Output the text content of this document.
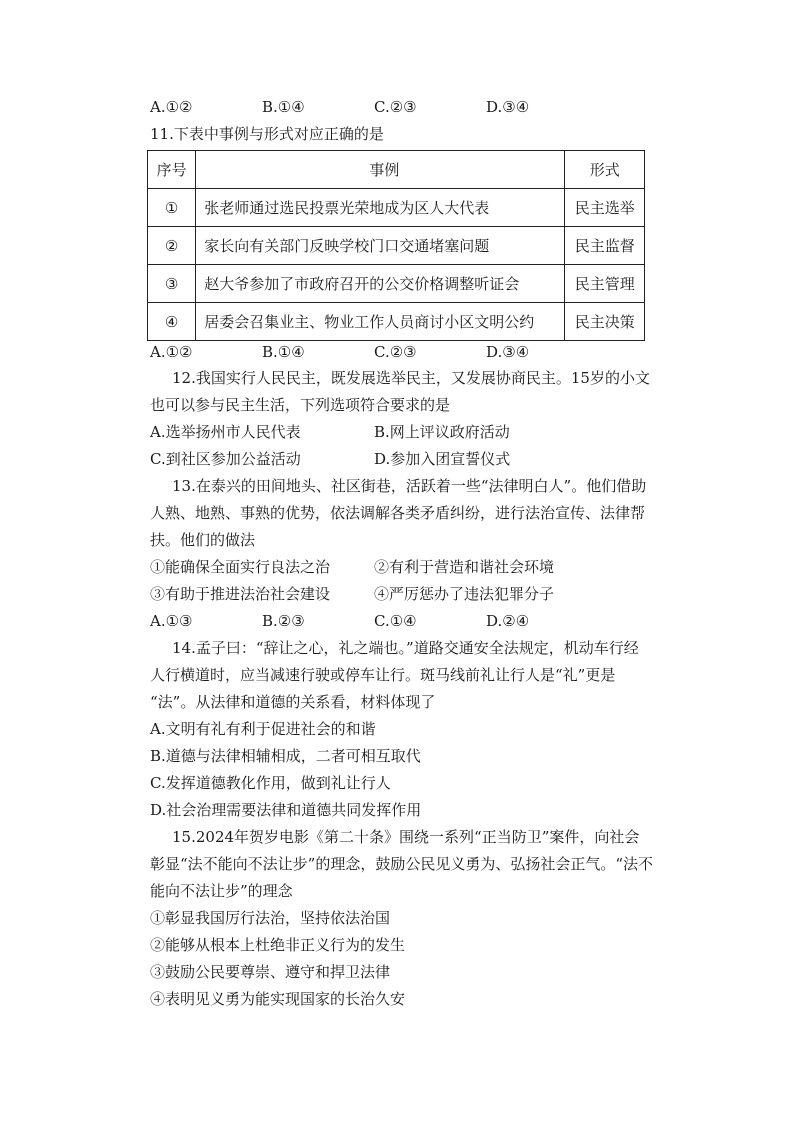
A.①②	B.①④	C.②③	D.③④
11.下表中事例与形式对应正确的是
序号	事例	形式
①	张老师通过选民投票光荣地成为区人大代表	民主选举
②	家长向有关部门反映学校门口交通堵塞问题	民主监督
③	赵大爷参加了市政府召开的公交价格调整听证会	民主管理
④	居委会召集业主、物业工作人员商讨小区文明公约	民主决策
A.①②	B.①④	C.②③	D.③④
12.我国实行人民民主，既发展选举民主，又发展协商民主。15岁的小文
也可以参与民主生活，下列选项符合要求的是
A.选举扬州市人民代表	B.网上评议政府活动
C.到社区参加公益活动	D.参加入团宣誓仪式
13.在泰兴的田间地头、社区街巷，活跃着一些“法律明白人”。他们借助
人熟、地熟、事熟的优势，依法调解各类矛盾纠纷，进行法治宣传、法律帮
扶。他们的做法
①能确保全面实行良法之治	②有利于营造和谐社会环境
③有助于推进法治社会建设	④严厉惩办了违法犯罪分子
A.①③	B.②③	C.①④	D.②④
14.孟子曰：“辞让之心，礼之端也。”道路交通安全法规定，机动车行经
人行横道时，应当减速行驶或停车让行。斑马线前礼让行人是“礼”更是
“法”。从法律和道德的关系看，材料体现了
A.文明有礼有利于促进社会的和谐
B.道德与法律相辅相成，二者可相互取代
C.发挥道德教化作用，做到礼让行人
D.社会治理需要法律和道德共同发挥作用
15.2024年贺岁电影《第二十条》围绕一系列“正当防卫”案件，向社会
彰显“法不能向不法让步”的理念，鼓励公民见义勇为、弘扬社会正气。“法不
能向不法让步”的理念
①彰显我国厉行法治，坚持依法治国
②能够从根本上杜绝非正义行为的发生
③鼓励公民要尊崇、遵守和捍卫法律
④表明见义勇为能实现国家的长治久安
